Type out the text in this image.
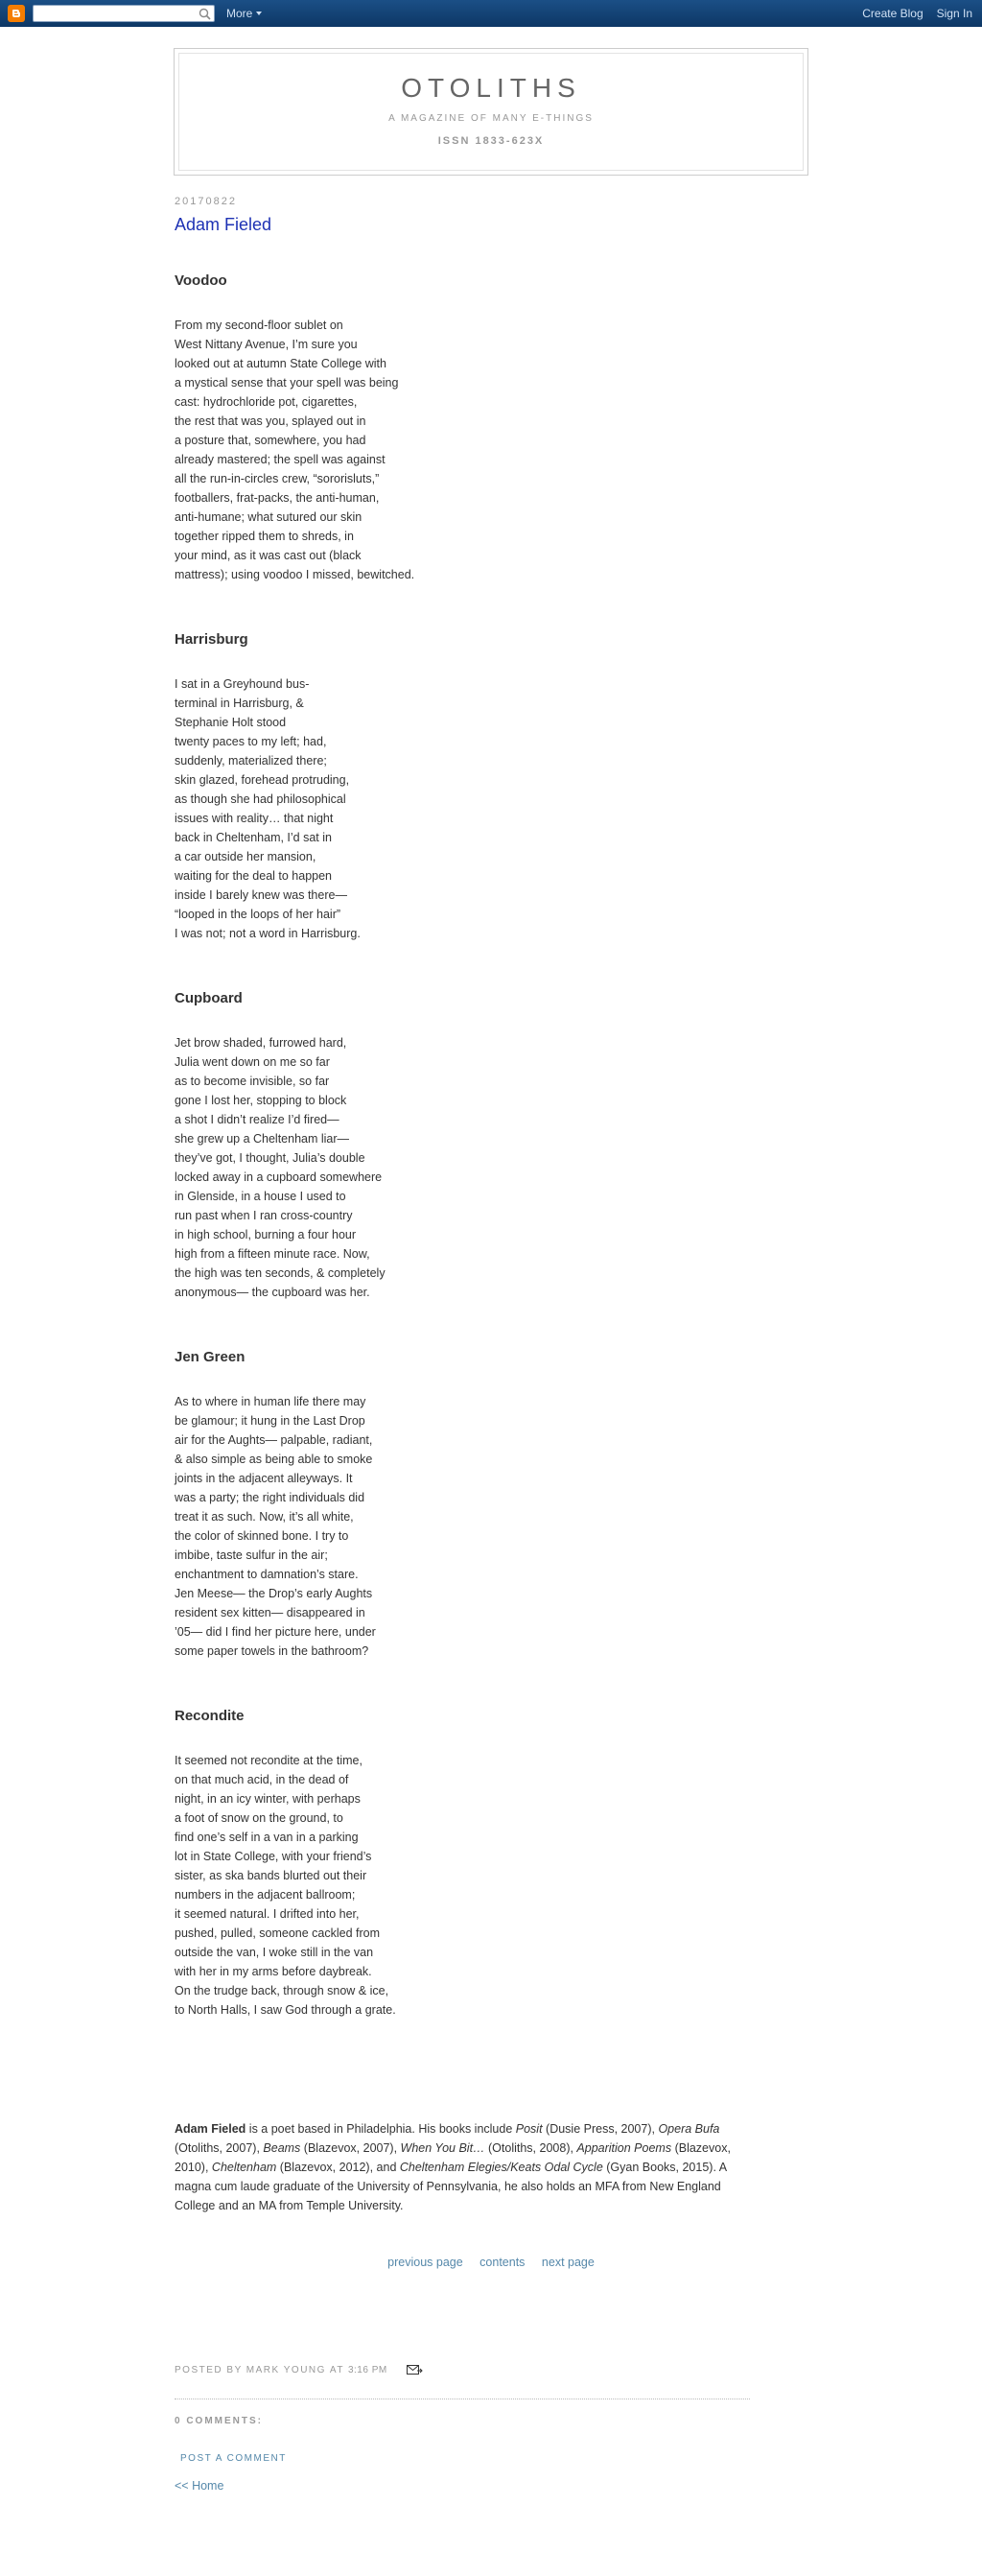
More	Create Blog Sign In
OTOLITHS
A MAGAZINE OF MANY E-THINGS
ISSN 1833-623X
20170822
Adam Fieled
Voodoo
From my second-floor sublet on
West Nittany Avenue, I’m sure you
looked out at autumn State College with
a mystical sense that your spell was being
cast: hydrochloride pot, cigarettes,
the rest that was you, splayed out in
a posture that, somewhere, you had
already mastered; the spell was against
all the run-in-circles crew, “sororisluts,”
footballers, frat-packs, the anti-human,
anti-humane; what sutured our skin
together ripped them to shreds, in
your mind, as it was cast out (black
mattress); using voodoo I missed, bewitched.
Harrisburg
I sat in a Greyhound bus-
terminal in Harrisburg, &
Stephanie Holt stood
twenty paces to my left; had,
suddenly, materialized there;
skin glazed, forehead protruding,
as though she had philosophical
issues with reality… that night
back in Cheltenham, I’d sat in
a car outside her mansion,
waiting for the deal to happen
inside I barely knew was there—
“looped in the loops of her hair”
I was not; not a word in Harrisburg.
Cupboard
Jet brow shaded, furrowed hard,
Julia went down on me so far
as to become invisible, so far
gone I lost her, stopping to block
a shot I didn’t realize I’d fired—
she grew up a Cheltenham liar—
they’ve got, I thought, Julia’s double
locked away in a cupboard somewhere
in Glenside, in a house I used to
run past when I ran cross-country
in high school, burning a four hour
high from a fifteen minute race. Now,
the high was ten seconds, & completely
anonymous— the cupboard was her.
Jen Green
As to where in human life there may
be glamour; it hung in the Last Drop
air for the Aughts— palpable, radiant,
& also simple as being able to smoke
joints in the adjacent alleyways. It
was a party; the right individuals did
treat it as such. Now, it’s all white,
the color of skinned bone. I try to
imbibe, taste sulfur in the air;
enchantment to damnation’s stare.
Jen Meese— the Drop’s early Aughts
resident sex kitten— disappeared in
’05— did I find her picture here, under
some paper towels in the bathroom?
Recondite
It seemed not recondite at the time,
on that much acid, in the dead of
night, in an icy winter, with perhaps
a foot of snow on the ground, to
find one’s self in a van in a parking
lot in State College, with your friend’s
sister, as ska bands blurted out their
numbers in the adjacent ballroom;
it seemed natural. I drifted into her,
pushed, pulled, someone cackled from
outside the van, I woke still in the van
with her in my arms before daybreak.
On the trudge back, through snow & ice,
to North Halls, I saw God through a grate.
Adam Fieled is a poet based in Philadelphia. His books include Posit (Dusie Press, 2007), Opera Bufa (Otoliths, 2007), Beams (Blazevox, 2007), When You Bit… (Otoliths, 2008), Apparition Poems (Blazevox, 2010), Cheltenham (Blazevox, 2012), and Cheltenham Elegies/Keats Odal Cycle (Gyan Books, 2015). A magna cum laude graduate of the University of Pennsylvania, he also holds an MFA from New England College and an MA from Temple University.
previous page contents next page
POSTED BY MARK YOUNG AT 3:16 PM
0 COMMENTS:
POST A COMMENT
<< Home
